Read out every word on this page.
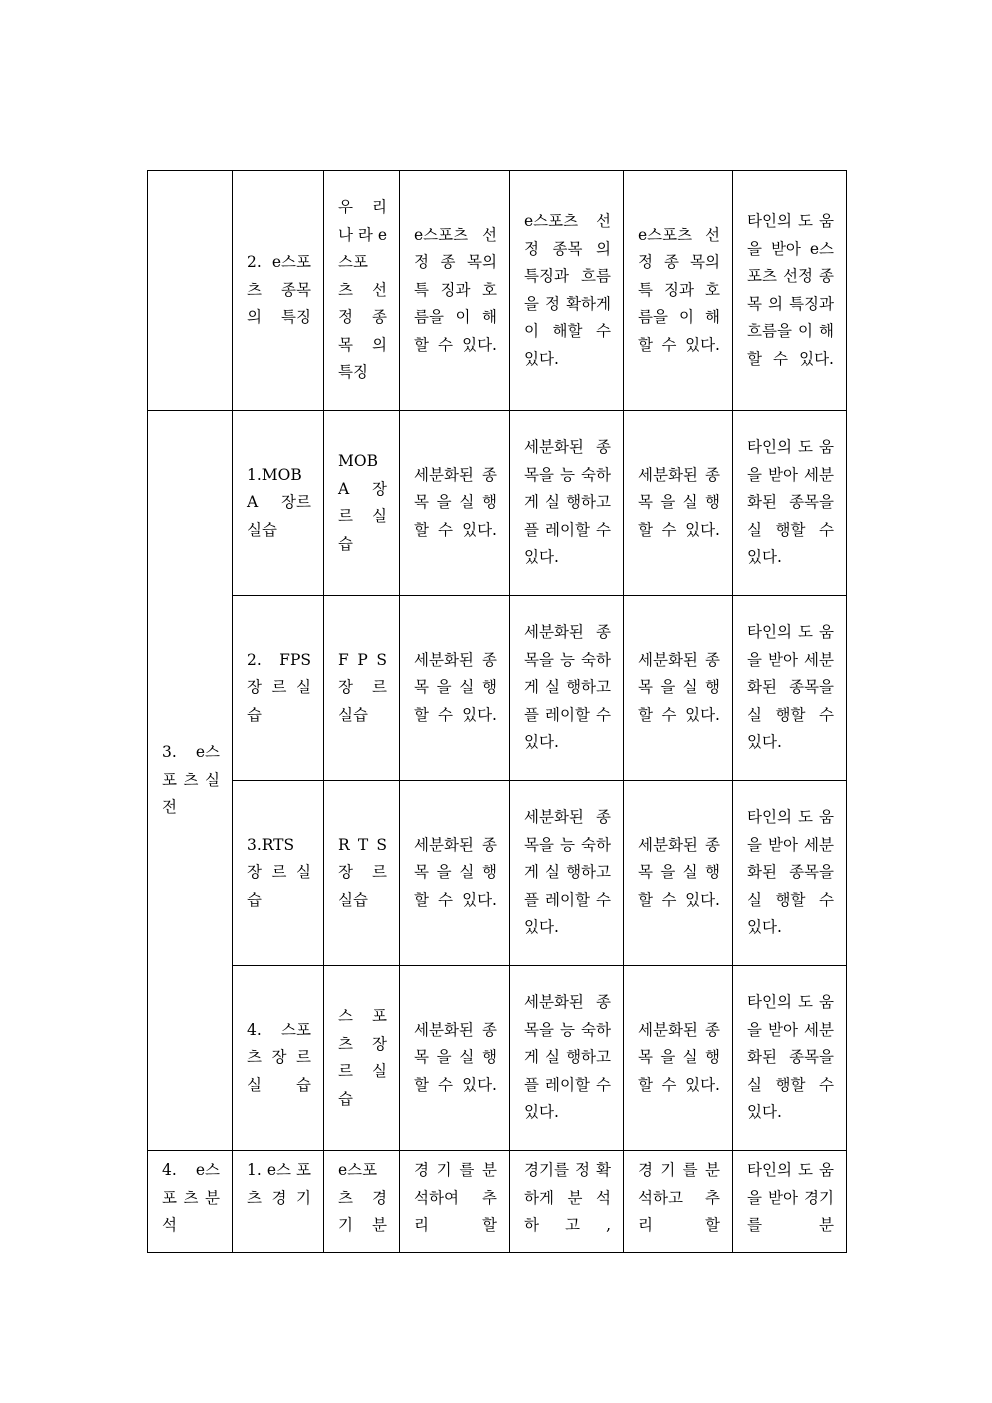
	2. e스포 츠 종목의 특징	우 리 나 라 e스포 츠 선 정 종 목 의 특징	e스포츠 선정 종 목의 특 징과 호 름을 이 해할 수 있다.	e스포츠 선정 종목 의 특징과 흐름을 정 확하게 이 해할 수 있다.	e스포츠 선정 종 목의 특 징과 호 름을 이 해할 수 있다.	타인의 도 움을 받아 e스포츠 선정 종목 의 특징과 흐름을 이 해할 수 있다.
3. e스 포 츠 실전	1.MOB A 장르 실습	MOB A 장 르 실 습	세분화된 종 목 을 실 행 할 수 있다.	세분화된 종목을 능 숙하게 실 행하고 플 레이할 수 있다.	세분화된 종 목 을 실 행 할 수 있다.	타인의 도 움을 받아 세분화된 종목을 실 행할 수 있다.
	2. FPS 장 르 실습	F P S 장 르 실습	세분화된 종 목 을 실 행 할 수 있다.	세분화된 종목을 능 숙하게 실 행하고 플 레이할 수 있다.	세분화된 종 목 을 실 행 할 수 있다.	타인의 도 움을 받아 세분화된 종목을 실 행할 수 있다.
	3.RTS 장 르 실습	R T S 장 르 실습	세분화된 종 목 을 실 행 할 수 있다.	세분화된 종목을 능 숙하게 실 행하고 플 레이할 수 있다.	세분화된 종 목 을 실 행 할 수 있다.	타인의 도 움을 받아 세분화된 종목을 실 행할 수 있다.
	4. 스포 츠 장 르 실 습	스 포 츠 장 르 실 습	세분화된 종 목 을 실 행 할 수 있다.	세분화된 종목을 능 숙하게 실 행하고 플 레이할 수 있다.	세분화된 종 목 을 실 행 할 수 있다.	타인의 도 움을 받아 세분화된 종목을 실 행할 수 있다.
4. e스 포 츠 분석	1. e스 포 츠 경 기	e스포 츠 경 기 분	경 기 를 분석하여 추 리 할	경기를 정 확하게 분 석 하 고 ,	경 기 를 분석하고 추 리 할	타인의 도 움을 받아 경기를 분
